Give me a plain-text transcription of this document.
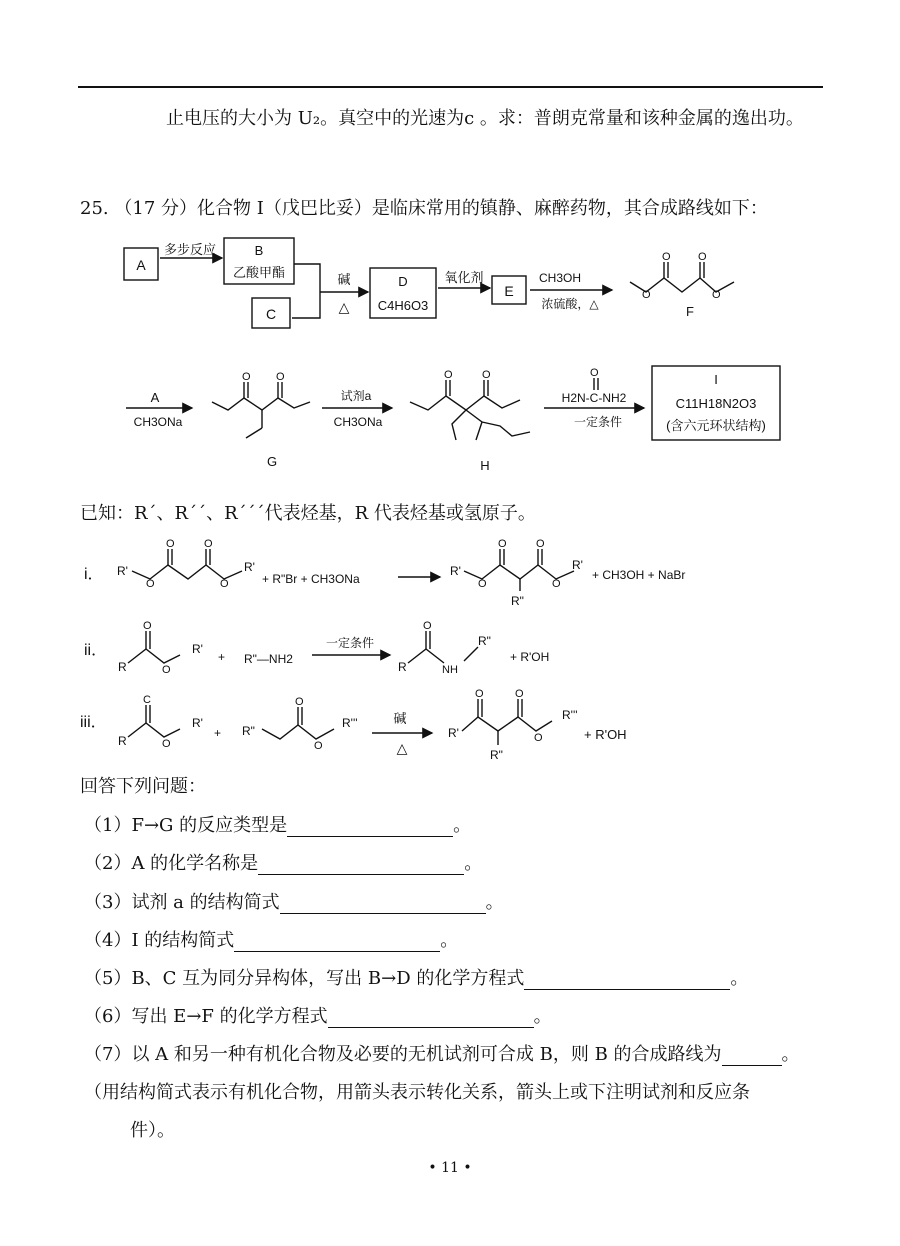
止电压的大小为 U₂。真空中的光速为c 。求：普朗克常量和该种金属的逸出功。
25. （17 分）化合物 I（戊巴比妥）是临床常用的镇静、麻醉药物，其合成路线如下：
A
多步反应	B
乙酸甲酯
C
碱
△
D
C4H6O3
氧化剂
E
CH3OH
浓硫酸，△
O O
O	O
F
A
CH3ONa
O O
G
试剂a
CH3ONa
O	O
H
O
H2N-C-NH2
一定条件
I
C11H18N2O3
(含六元环状结构)
已知：R´、R´´、R´´´代表烃基，R 代表烃基或氢原子。
i． R'
O	O
O	O
R'
+ R"Br + CH3ONa
R'
O	O
O	O
R'
R"
+ CH3OH + NaBr
ii．
R
O
O
R'
+ R"—NH2
一定条件
R
O
NH
R"
+ R'OH
iii．
R
C
O
R'
+ R"
O
O
R'''	碱
△
R'
O	O
O
R'''
R"
+ R'OH
回答下列问题：
（1）F→G 的反应类型是	。
（2）A 的化学名称是	。
（3）试剂 a 的结构简式	。
（4）I 的结构简式	。
（5）B、C 互为同分异构体，写出 B→D 的化学方程式	。
（6）写出 E→F 的化学方程式	。
（7）以 A 和另一种有机化合物及必要的无机试剂可合成 B，则 B 的合成路线为	。
（用结构简式表示有机化合物，用箭头表示转化关系，箭头上或下注明试剂和反应条
件）。
• 11 •
